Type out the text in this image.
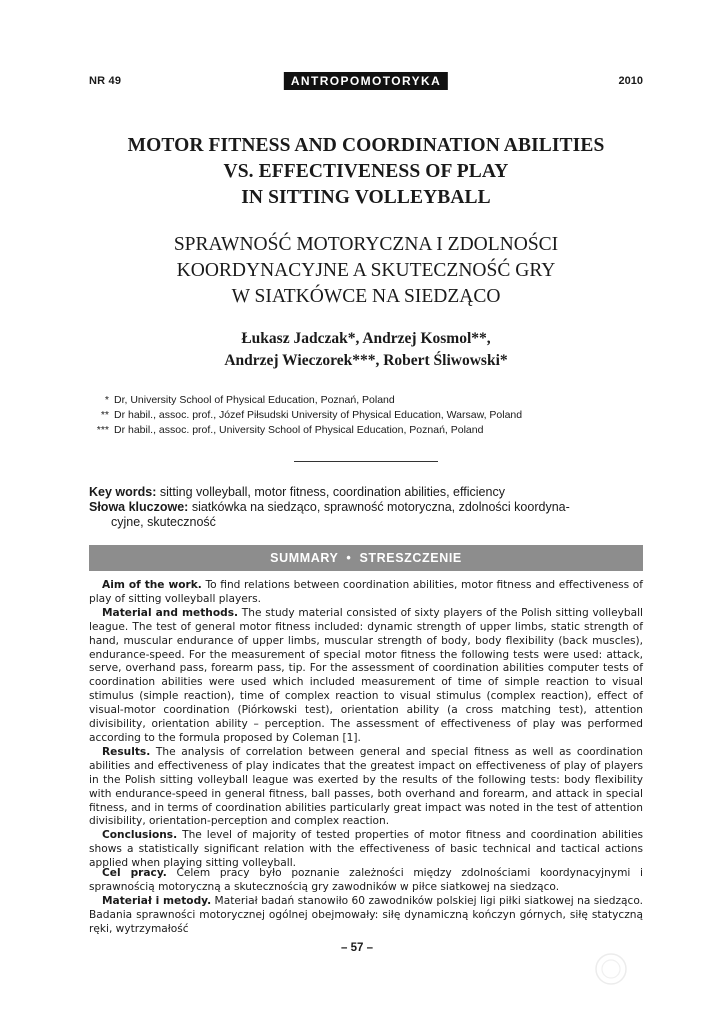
NR 49	ANTROPOMOTORYKA	2010
MOTOR FITNESS AND COORDINATION ABILITIES
VS. EFFECTIVENESS OF PLAY
IN SITTING VOLLEYBALL
SPRAWNOŚĆ MOTORYCZNA I ZDOLNOŚCI
KOORDYNACYJNE A SKUTECZNOŚĆ GRY
W SIATKÓWCE NA SIEDZĄCO
Łukasz Jadczak*, Andrzej Kosmol**,
Andrzej Wieczorek***, Robert Śliwowski*
* Dr, University School of Physical Education, Poznań, Poland
** Dr habil., assoc. prof., Józef Piłsudski University of Physical Education, Warsaw, Poland
*** Dr habil., assoc. prof., University School of Physical Education, Poznań, Poland
Key words: sitting volleyball, motor fitness, coordination abilities, efficiency
Słowa kluczowe: siatkówka na siedząco, sprawność motoryczna, zdolności koordyna-
cyjne, skuteczność
SUMMARY  •  STRESZCZENIE

Aim of the work. To find relations between coordination abilities, motor fitness and effectiveness of play of sitting volleyball players.

Material and methods. The study material consisted of sixty players of the Polish sitting volleyball league. The test of general motor fitness included: dynamic strength of upper limbs, static strength of hand, muscular endurance of upper limbs, muscular strength of body, body flexibility (back muscles), endurance-speed. For the measurement of special motor fitness the following tests were used: attack, serve, overhand pass, forearm pass, tip. For the assessment of coordination abilities computer tests of coordination abilities were used which included measurement of time of simple reaction to visual stimulus (simple reaction), time of complex reaction to visual stimulus (complex reaction), effect of visual-motor coordination (Piórkowski test), orientation ability (a cross matching test), attention divisibility, orientation ability – perception. The assessment of effectiveness of play was performed according to the formula proposed by Coleman [1].

Results. The analysis of correlation between general and special fitness as well as coordination abilities and effectiveness of play indicates that the greatest impact on effectiveness of play of players in the Polish sitting volleyball league was exerted by the results of the following tests: body flexibility with endurance-speed in general fitness, ball passes, both overhand and forearm, and attack in special fitness, and in terms of coordination abilities particularly great impact was noted in the test of attention divisibility, orientation-perception and complex reaction.

Conclusions. The level of majority of tested properties of motor fitness and coordination abilities shows a statistically significant relation with the effectiveness of basic technical and tactical actions applied when playing sitting volleyball.

Cel pracy. Celem pracy było poznanie zależności między zdolnościami koordynacyjnymi i sprawnością motoryczną a skutecznością gry zawodników w piłce siatkowej na siedząco.

Materiał i metody. Materiał badań stanowiło 60 zawodników polskiej ligi piłki siatkowej na siedząco. Badania sprawności motorycznej ogólnej obejmowały: siłę dynamiczną kończyn górnych, siłę statyczną ręki, wytrzymałość

– 57 –
